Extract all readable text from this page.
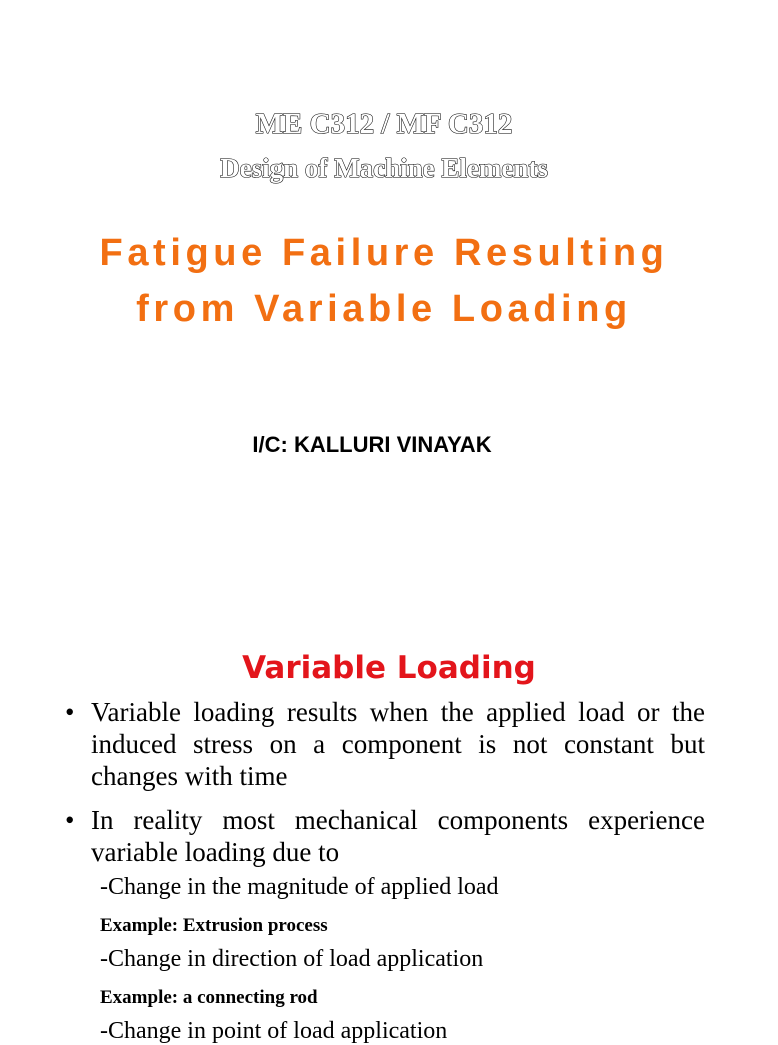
ME C312 / MF C312
Design of Machine Elements
Fatigue Failure Resulting
from Variable Loading
I/C: KALLURI VINAYAK
Variable Loading
• Variable loading results when the applied load or the induced stress on a component is not constant but changes with time
• In reality most mechanical components experience variable loading due to
-Change in the magnitude of applied load
Example: Extrusion process
-Change in direction of load application
Example: a connecting rod
-Change in point of load application
